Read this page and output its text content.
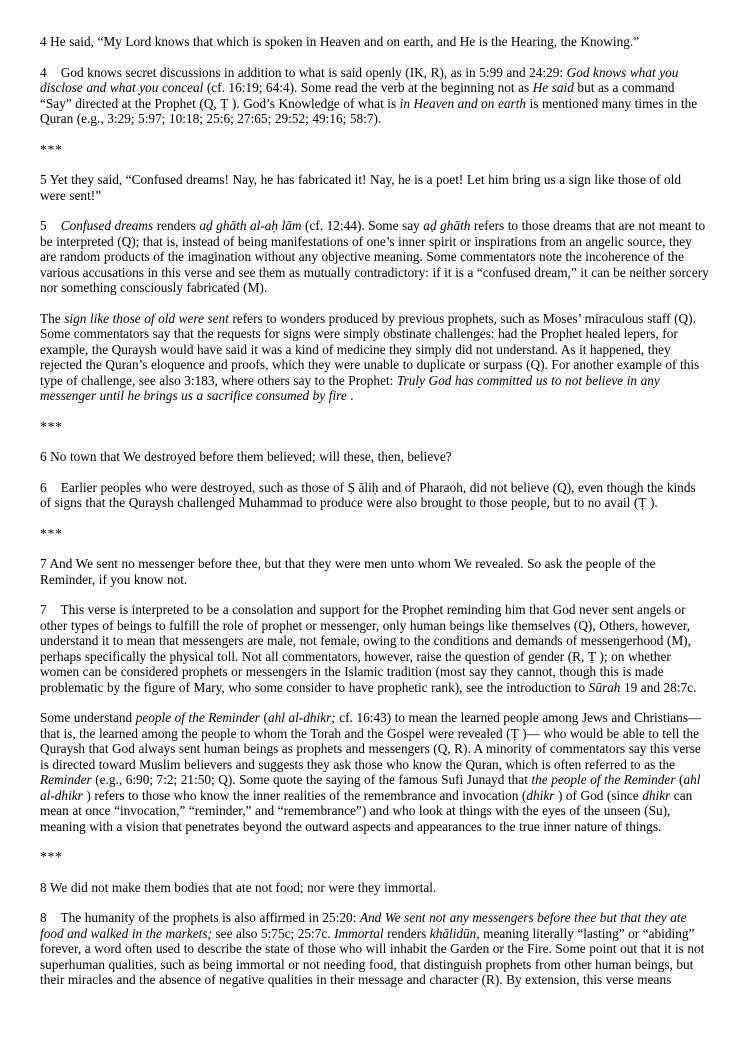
4 He said, “My Lord knows that which is spoken in Heaven and on earth, and He is the Hearing, the Knowing.”

4    God knows secret discussions in addition to what is said openly (IK, R), as in 5:99 and 24:29: God knows what you disclose and what you conceal (cf. 16:19; 64:4). Some read the verb at the beginning not as He said but as a command “Say” directed at the Prophet (Q, Ṭ ). God’s Knowledge of what is in Heaven and on earth is mentioned many times in the Quran (e.g., 3:29; 5:97; 10:18; 25:6; 27:65; 29:52; 49:16; 58:7).

***

5 Yet they said, “Confused dreams! Nay, he has fabricated it! Nay, he is a poet! Let him bring us a sign like those of old were sent!”

5    Confused dreams renders aḍ ghāth al-aḥ lām (cf. 12:44). Some say aḍ ghāth refers to those dreams that are not meant to be interpreted (Q); that is, instead of being manifestations of one’s inner spirit or inspirations from an angelic source, they are random products of the imagination without any objective meaning. Some commentators note the incoherence of the various accusations in this verse and see them as mutually contradictory: if it is a “confused dream,” it can be neither sorcery nor something consciously fabricated (M).

The sign like those of old were sent refers to wonders produced by previous prophets, such as Moses’ miraculous staff (Q). Some commentators say that the requests for signs were simply obstinate challenges: had the Prophet healed lepers, for example, the Quraysh would have said it was a kind of medicine they simply did not understand. As it happened, they rejected the Quran’s eloquence and proofs, which they were unable to duplicate or surpass (Q). For another example of this type of challenge, see also 3:183, where others say to the Prophet: Truly God has committed us to not believe in any messenger until he brings us a sacrifice consumed by fire .

***

6 No town that We destroyed before them believed; will these, then, believe?

6    Earlier peoples who were destroyed, such as those of Ṣ āliḥ and of Pharaoh, did not believe (Q), even though the kinds of signs that the Quraysh challenged Muhammad to produce were also brought to those people, but to no avail (Ṭ ).

***

7 And We sent no messenger before thee, but that they were men unto whom We revealed. So ask the people of the Reminder, if you know not.

7    This verse is interpreted to be a consolation and support for the Prophet reminding him that God never sent angels or other types of beings to fulfill the role of prophet or messenger, only human beings like themselves (Q), Others, however, understand it to mean that messengers are male, not female, owing to the conditions and demands of messengerhood (M), perhaps specifically the physical toll. Not all commentators, however, raise the question of gender (R, Ṭ ); on whether women can be considered prophets or messengers in the Islamic tradition (most say they cannot, though this is made problematic by the figure of Mary, who some consider to have prophetic rank), see the introduction to Sūrah 19 and 28:7c.

Some understand people of the Reminder (ahl al-dhikr; cf. 16:43) to mean the learned people among Jews and Christians— that is, the learned among the people to whom the Torah and the Gospel were revealed (Ṭ )— who would be able to tell the Quraysh that God always sent human beings as prophets and messengers (Q, R). A minority of commentators say this verse is directed toward Muslim believers and suggests they ask those who know the Quran, which is often referred to as the Reminder (e.g., 6:90; 7:2; 21:50; Q). Some quote the saying of the famous Sufi Junayd that the people of the Reminder (ahl al-dhikr ) refers to those who know the inner realities of the remembrance and invocation (dhikr ) of God (since dhikr can mean at once “invocation,” “reminder,” and “remembrance”) and who look at things with the eyes of the unseen (Su), meaning with a vision that penetrates beyond the outward aspects and appearances to the true inner nature of things.

***

8 We did not make them bodies that ate not food; nor were they immortal.

8    The humanity of the prophets is also affirmed in 25:20: And We sent not any messengers before thee but that they ate food and walked in the markets; see also 5:75c; 25:7c. Immortal renders khālidūn, meaning literally “lasting” or “abiding” forever, a word often used to describe the state of those who will inhabit the Garden or the Fire. Some point out that it is not superhuman qualities, such as being immortal or not needing food, that distinguish prophets from other human beings, but their miracles and the absence of negative qualities in their message and character (R). By extension, this verse means
